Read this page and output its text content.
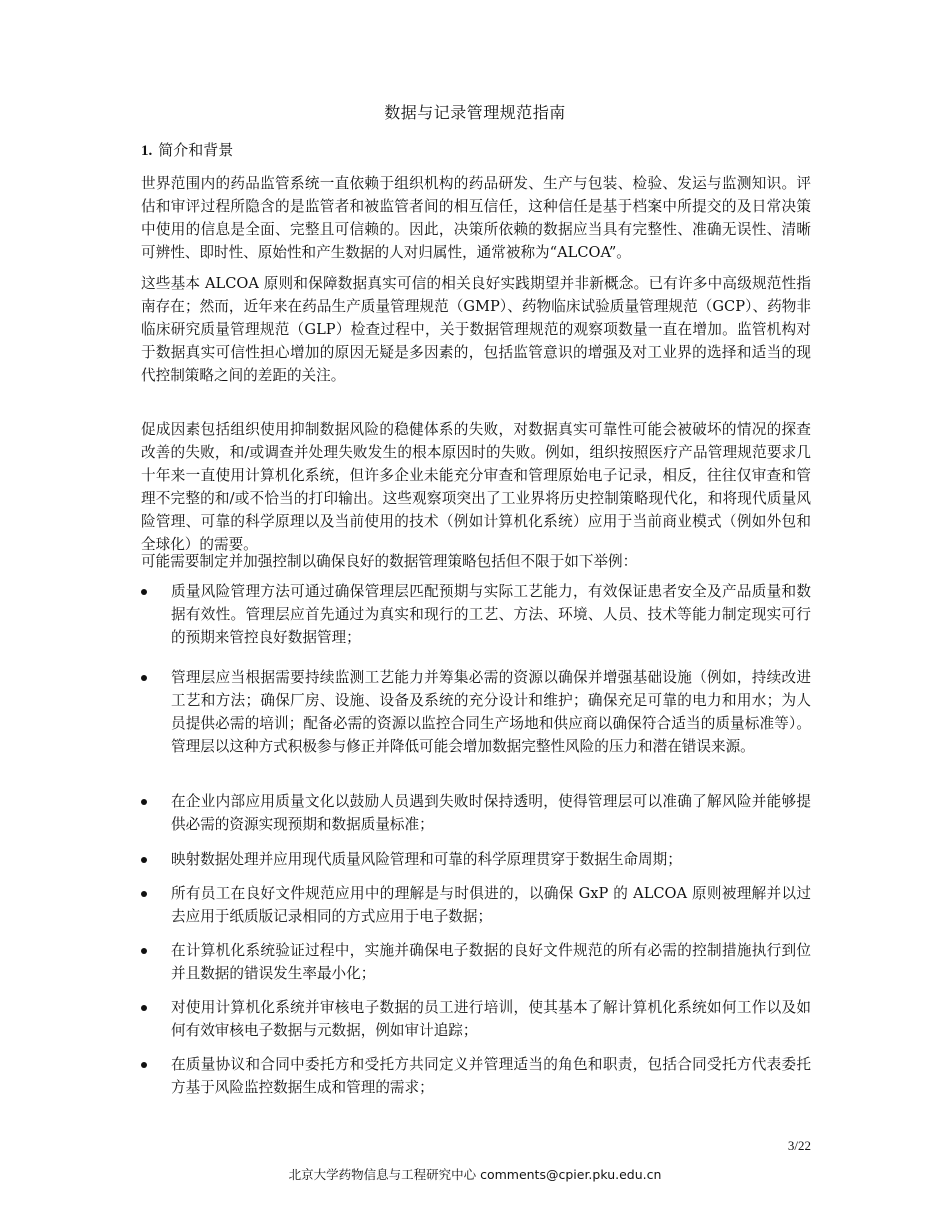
数据与记录管理规范指南
1. 简介和背景

世界范围内的药品监管系统一直依赖于组织机构的药品研发、生产与包装、检验、发运与监测知识。评估和审评过程所隐含的是监管者和被监管者间的相互信任，这种信任是基于档案中所提交的及日常决策中使用的信息是全面、完整且可信赖的。因此，决策所依赖的数据应当具有完整性、准确无误性、清晰可辨性、即时性、原始性和产生数据的人对归属性，通常被称为“ALCOA”。

这些基本 ALCOA 原则和保障数据真实可信的相关良好实践期望并非新概念。已有许多中高级规范性指南存在；然而，近年来在药品生产质量管理规范（GMP）、药物临床试验质量管理规范（GCP）、药物非临床研究质量管理规范（GLP）检查过程中，关于数据管理规范的观察项数量一直在增加。监管机构对于数据真实可信性担心增加的原因无疑是多因素的，包括监管意识的增强及对工业界的选择和适当的现代控制策略之间的差距的关注。

促成因素包括组织使用抑制数据风险的稳健体系的失败，对数据真实可靠性可能会被破坏的情况的探查改善的失败，和/或调查并处理失败发生的根本原因时的失败。例如，组织按照医疗产品管理规范要求几十年来一直使用计算机化系统，但许多企业未能充分审查和管理原始电子记录，相反，往往仅审查和管理不完整的和/或不恰当的打印输出。这些观察项突出了工业界将历史控制策略现代化，和将现代质量风险管理、可靠的科学原理以及当前使用的技术（例如计算机化系统）应用于当前商业模式（例如外包和全球化）的需要。

可能需要制定并加强控制以确保良好的数据管理策略包括但不限于如下举例：

质量风险管理方法可通过确保管理层匹配预期与实际工艺能力，有效保证患者安全及产品质量和数据有效性。管理层应首先通过为真实和现行的工艺、方法、环境、人员、技术等能力制定现实可行的预期来管控良好数据管理；
管理层应当根据需要持续监测工艺能力并筹集必需的资源以确保并增强基础设施（例如，持续改进工艺和方法；确保厂房、设施、设备及系统的充分设计和维护；确保充足可靠的电力和用水；为人员提供必需的培训；配备必需的资源以监控合同生产场地和供应商以确保符合适当的质量标准等）。管理层以这种方式积极参与修正并降低可能会增加数据完整性风险的压力和潜在错误来源。
在企业内部应用质量文化以鼓励人员遇到失败时保持透明，使得管理层可以准确了解风险并能够提供必需的资源实现预期和数据质量标准；
映射数据处理并应用现代质量风险管理和可靠的科学原理贯穿于数据生命周期；
所有员工在良好文件规范应用中的理解是与时俱进的，以确保 GxP 的 ALCOA 原则被理解并以过去应用于纸质版记录相同的方式应用于电子数据；
在计算机化系统验证过程中，实施并确保电子数据的良好文件规范的所有必需的控制措施执行到位并且数据的错误发生率最小化；
对使用计算机化系统并审核电子数据的员工进行培训，使其基本了解计算机化系统如何工作以及如何有效审核电子数据与元数据，例如审计追踪；
在质量协议和合同中委托方和受托方共同定义并管理适当的角色和职责，包括合同受托方代表委托方基于风险监控数据生成和管理的需求；
3/22
北京大学药物信息与工程研究中心 comments@cpier.pku.edu.cn
